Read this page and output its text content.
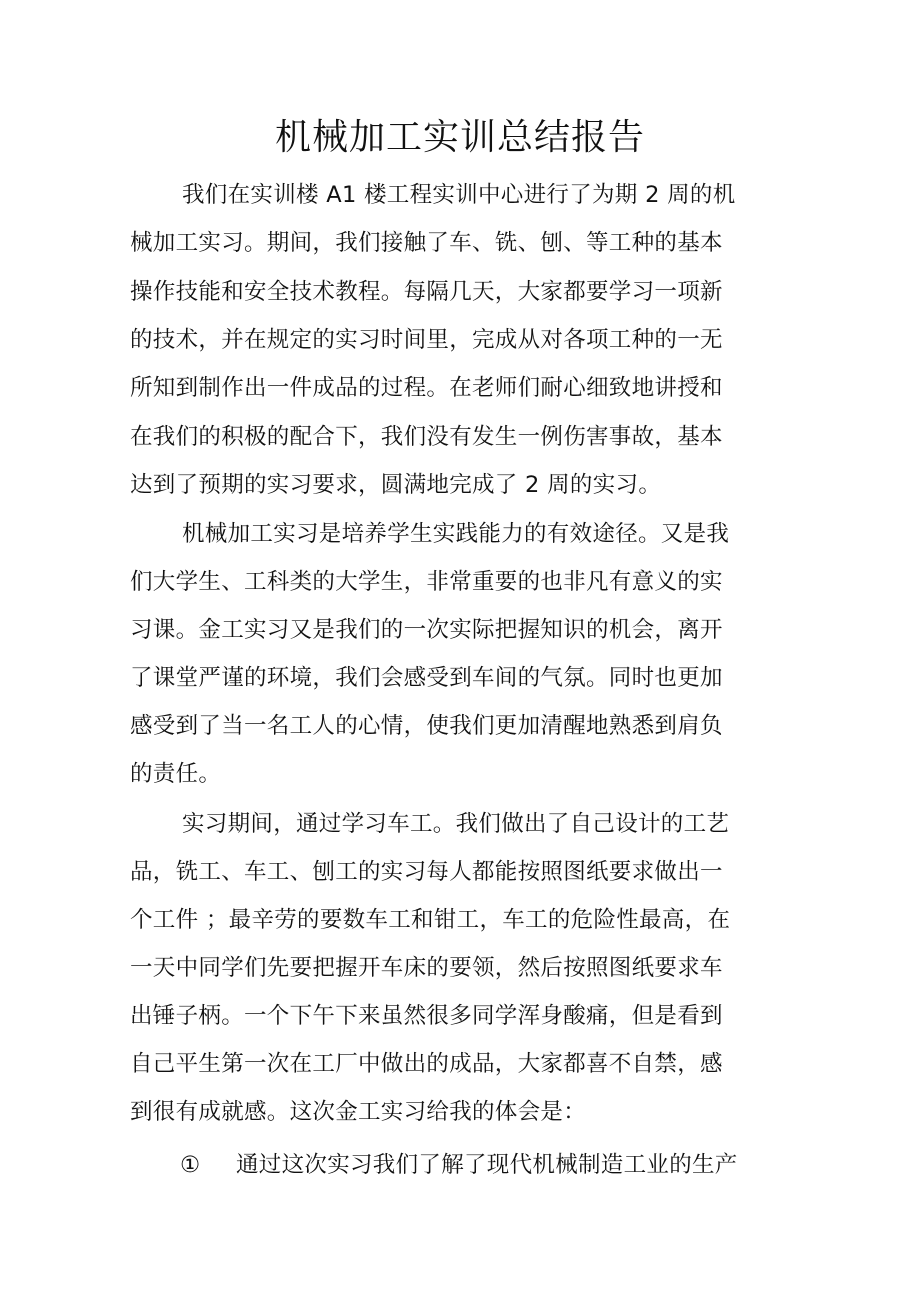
机械加工实训总结报告
我们在实训楼 A1 楼工程实训中心进行了为期 2 周的机
械加工实习。期间，我们接触了车、铣、刨、等工种的基本
操作技能和安全技术教程。每隔几天，大家都要学习一项新
的技术，并在规定的实习时间里，完成从对各项工种的一无
所知到制作出一件成品的过程。在老师们耐心细致地讲授和
在我们的积极的配合下，我们没有发生一例伤害事故，基本
达到了预期的实习要求，圆满地完成了 2 周的实习。
机械加工实习是培养学生实践能力的有效途径。又是我
们大学生、工科类的大学生，非常重要的也非凡有意义的实
习课。金工实习又是我们的一次实际把握知识的机会，离开
了课堂严谨的环境，我们会感受到车间的气氛。同时也更加
感受到了当一名工人的心情，使我们更加清醒地熟悉到肩负
的责任。
实习期间，通过学习车工。我们做出了自己设计的工艺
品，铣工、车工、刨工的实习每人都能按照图纸要求做出一
个工件 ；最辛劳的要数车工和钳工，车工的危险性最高，在
一天中同学们先要把握开车床的要领，然后按照图纸要求车
出锤子柄。一个下午下来虽然很多同学浑身酸痛，但是看到
自己平生第一次在工厂中做出的成品，大家都喜不自禁，感
到很有成就感。这次金工实习给我的体会是：
① 通过这次实习我们了解了现代机械制造工业的生产
